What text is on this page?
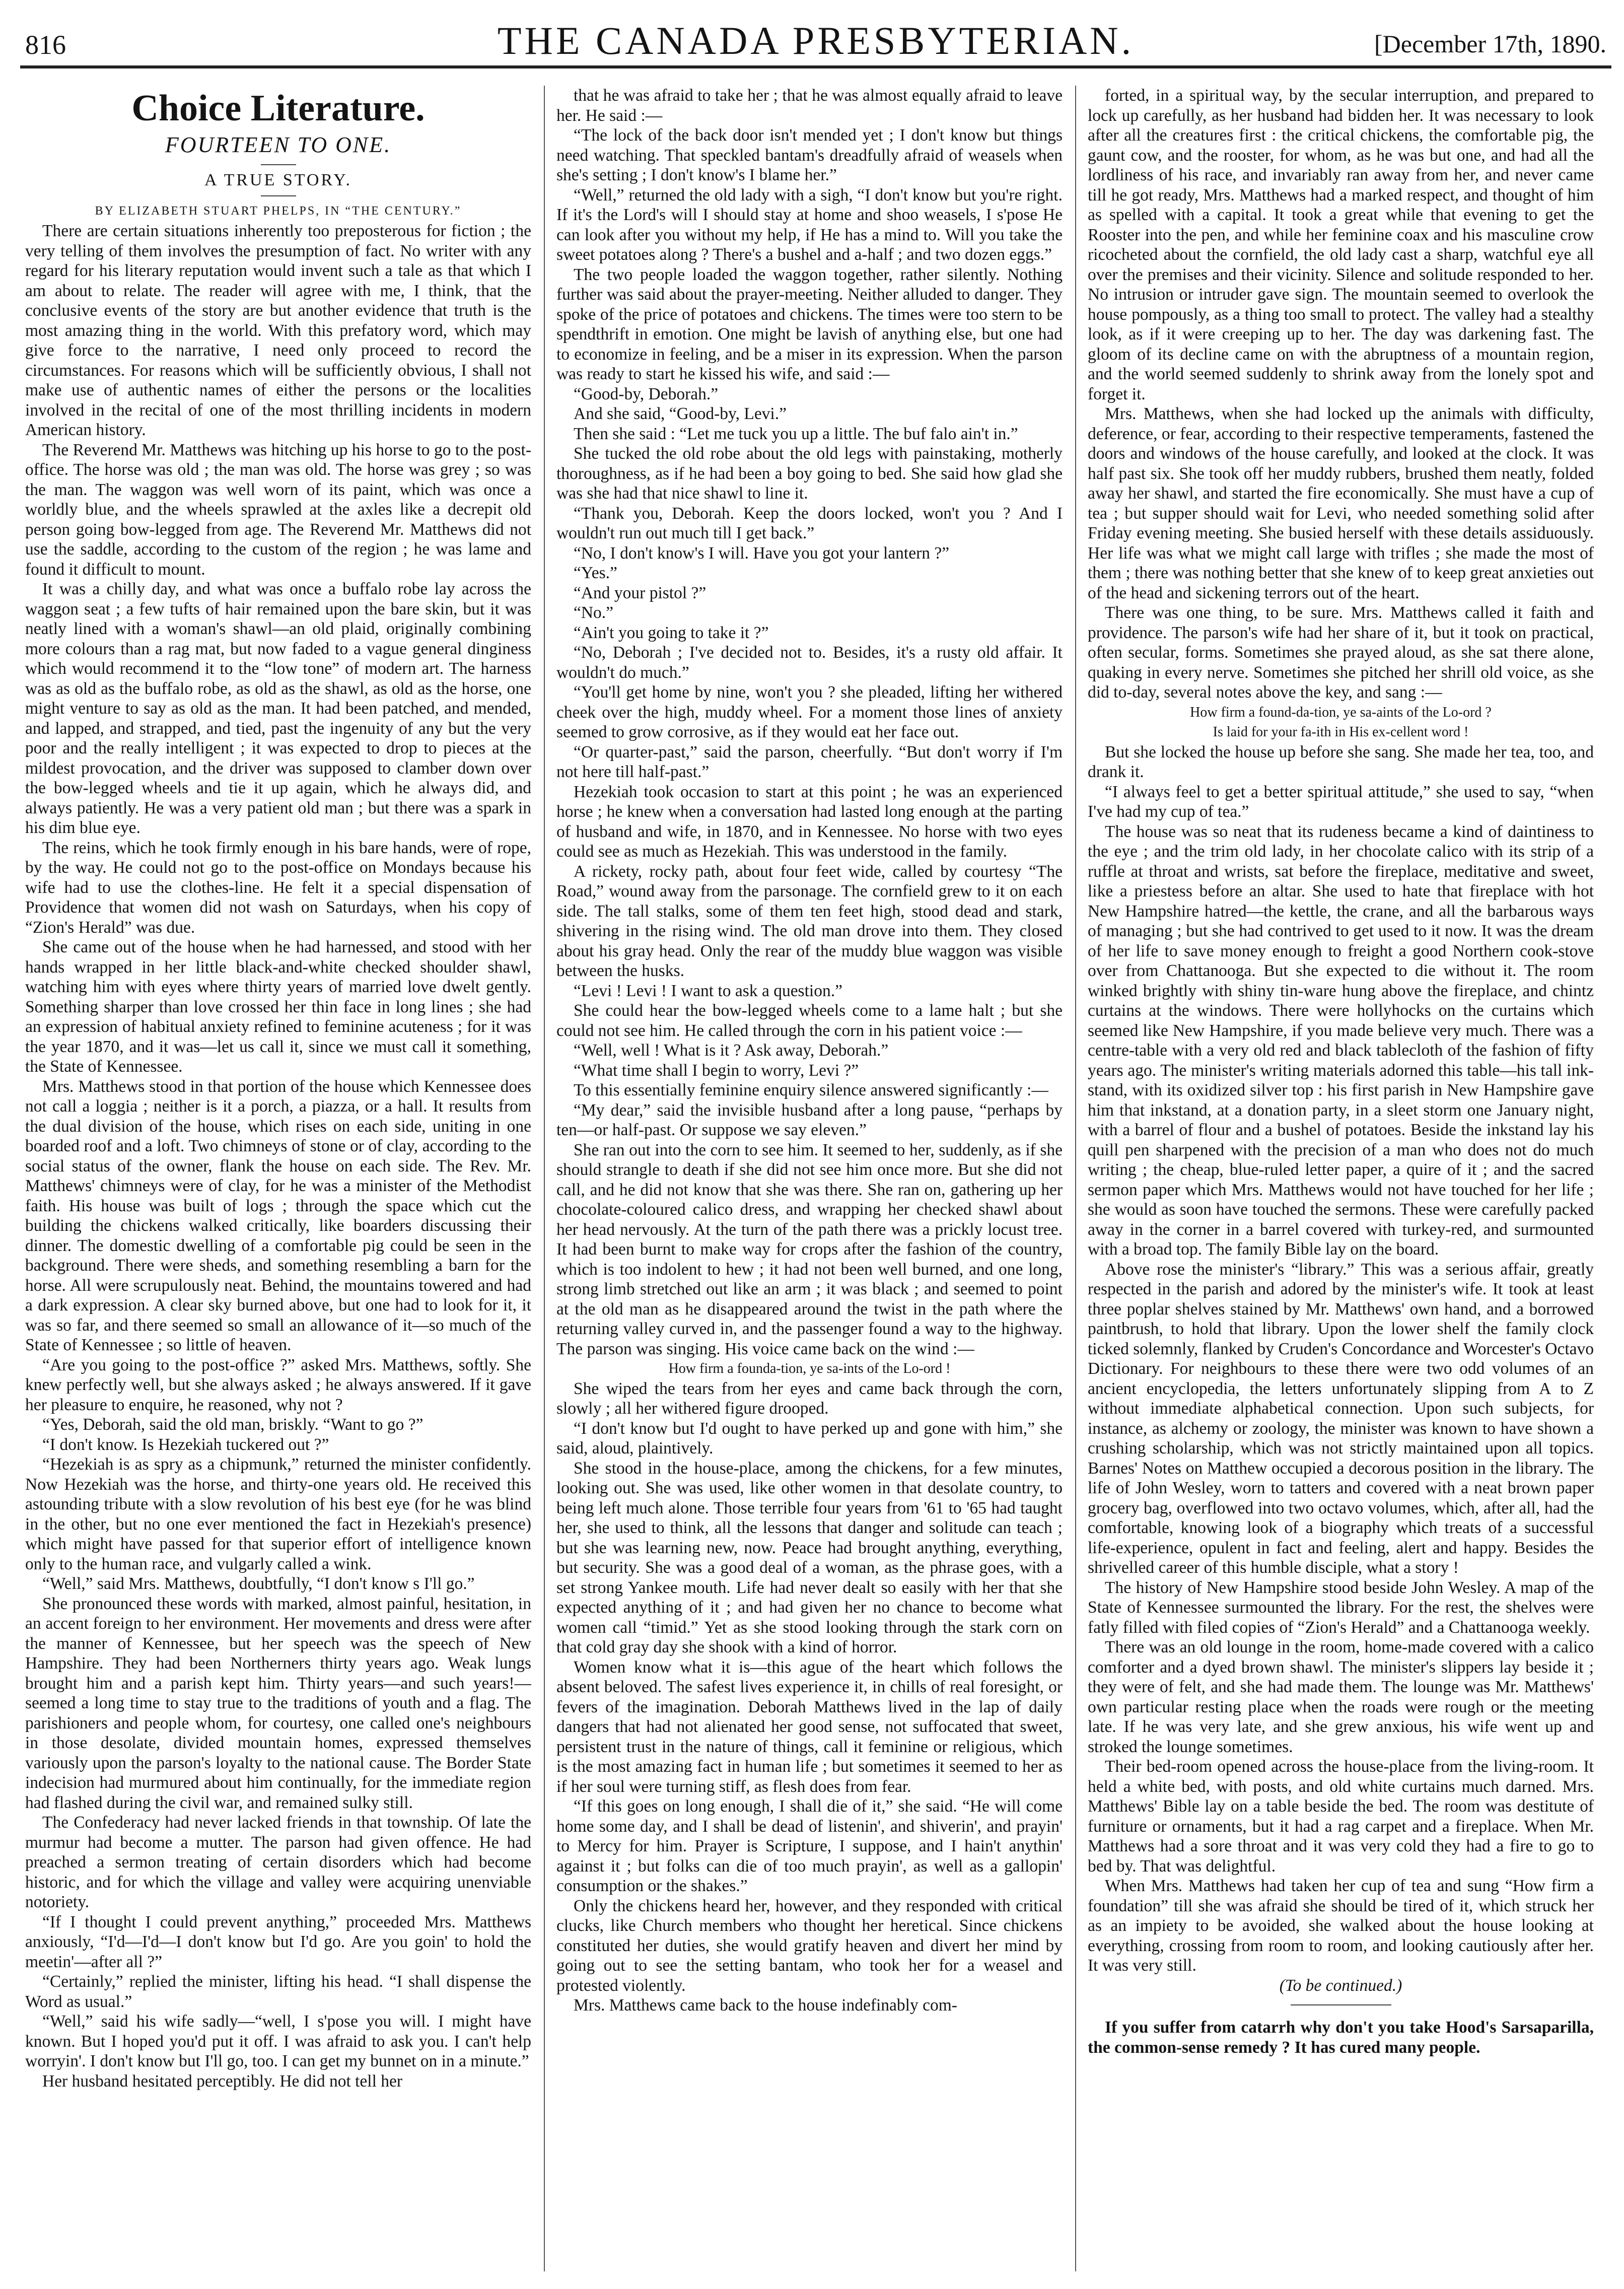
816	THE CANADA PRESBYTERIAN.	[December 17th, 1890.

Choice Literature.

FOURTEEN TO ONE.

A TRUE STORY.

BY ELIZABETH STUART PHELPS, IN “THE CENTURY.”

There are certain situations inherently too preposterous for fiction ; the very telling of them involves the presumption of fact. No writer with any regard for his literary reputation would invent such a tale as that which I am about to relate. The reader will agree with me, I think, that the conclusive events of the story are but another evidence that truth is the most amazing thing in the world. With this prefatory word, which may give force to the narrative, I need only proceed to record the circumstances. For reasons which will be sufficiently obvious, I shall not make use of authentic names of either the persons or the localities involved in the recital of one of the most thrilling incidents in modern American history.

The Reverend Mr. Matthews was hitching up his horse to go to the post-office. The horse was old ; the man was old. The horse was grey ; so was the man. The waggon was well worn of its paint, which was once a worldly blue, and the wheels sprawled at the axles like a decrepit old person going bow-legged from age. The Reverend Mr. Matthews did not use the saddle, according to the custom of the region ; he was lame and found it difficult to mount.

It was a chilly day, and what was once a buffalo robe lay across the waggon seat ; a few tufts of hair remained upon the bare skin, but it was neatly lined with a woman's shawl—an old plaid, originally combining more colours than a rag mat, but now faded to a vague general dinginess which would recommend it to the “low tone” of modern art. The harness was as old as the buffalo robe, as old as the shawl, as old as the horse, one might venture to say as old as the man. It had been patched, and mended, and lapped, and strapped, and tied, past the ingenuity of any but the very poor and the really intelligent ; it was expected to drop to pieces at the mildest provocation, and the driver was supposed to clamber down over the bow-legged wheels and tie it up again, which he always did, and always patiently. He was a very patient old man ; but there was a spark in his dim blue eye.

The reins, which he took firmly enough in his bare hands, were of rope, by the way. He could not go to the post-office on Mondays because his wife had to use the clothes-line. He felt it a special dispensation of Providence that women did not wash on Saturdays, when his copy of “Zion's Herald” was due.

She came out of the house when he had harnessed, and stood with her hands wrapped in her little black-and-white checked shoulder shawl, watching him with eyes where thirty years of married love dwelt gently. Something sharper than love crossed her thin face in long lines ; she had an expression of habitual anxiety refined to feminine acuteness ; for it was the year 1870, and it was—let us call it, since we must call it something, the State of Kennessee.

Mrs. Matthews stood in that portion of the house which Kennessee does not call a loggia ; neither is it a porch, a piazza, or a hall. It results from the dual division of the house, which rises on each side, uniting in one boarded roof and a loft. Two chimneys of stone or of clay, according to the social status of the owner, flank the house on each side. The Rev. Mr. Matthews' chimneys were of clay, for he was a minister of the Methodist faith. His house was built of logs ; through the space which cut the building the chickens walked critically, like boarders discussing their dinner. The domestic dwelling of a comfortable pig could be seen in the background. There were sheds, and something resembling a barn for the horse. All were scrupulously neat. Behind, the mountains towered and had a dark expression. A clear sky burned above, but one had to look for it, it was so far, and there seemed so small an allowance of it—so much of the State of Kennessee ; so little of heaven.

“Are you going to the post-office ?” asked Mrs. Matthews, softly. She knew perfectly well, but she always asked ; he always answered. If it gave her pleasure to enquire, he reasoned, why not ?

“Yes, Deborah, said the old man, briskly. “Want to go ?”

“I don't know. Is Hezekiah tuckered out ?”

“Hezekiah is as spry as a chipmunk,” returned the minister confidently. Now Hezekiah was the horse, and thirty-one years old. He received this astounding tribute with a slow revolution of his best eye (for he was blind in the other, but no one ever mentioned the fact in Hezekiah's presence) which might have passed for that superior effort of intelligence known only to the human race, and vulgarly called a wink.

“Well,” said Mrs. Matthews, doubtfully, “I don't know s I'll go.”

She pronounced these words with marked, almost painful, hesitation, in an accent foreign to her environment. Her movements and dress were after the manner of Kennessee, but her speech was the speech of New Hampshire. They had been Northerners thirty years ago. Weak lungs brought him and a parish kept him. Thirty years—and such years!—seemed a long time to stay true to the traditions of youth and a flag. The parishioners and people whom, for courtesy, one called one's neighbours in those desolate, divided mountain homes, expressed themselves variously upon the parson's loyalty to the national cause. The Border State indecision had murmured about him continually, for the immediate region had flashed during the civil war, and remained sulky still.

The Confederacy had never lacked friends in that township. Of late the murmur had become a mutter. The parson had given offence. He had preached a sermon treating of certain disorders which had become historic, and for which the village and valley were acquiring unenviable notoriety.

“If I thought I could prevent anything,” proceeded Mrs. Matthews anxiously, “I'd—I'd—I don't know but I'd go. Are you goin' to hold the meetin'—after all ?”

“Certainly,” replied the minister, lifting his head. “I shall dispense the Word as usual.”

“Well,” said his wife sadly—“well, I s'pose you will. I might have known. But I hoped you'd put it off. I was afraid to ask you. I can't help worryin'. I don't know but I'll go, too. I can get my bunnet on in a minute.”

Her husband hesitated perceptibly. He did not tell her

that he was afraid to take her ; that he was almost equally afraid to leave her. He said :—

“The lock of the back door isn't mended yet ; I don't know but things need watching. That speckled bantam's dreadfully afraid of weasels when she's setting ; I don't know's I blame her.”

“Well,” returned the old lady with a sigh, “I don't know but you're right. If it's the Lord's will I should stay at home and shoo weasels, I s'pose He can look after you without my help, if He has a mind to. Will you take the sweet potatoes along ? There's a bushel and a-half ; and two dozen eggs.”

The two people loaded the waggon together, rather silently. Nothing further was said about the prayer-meeting. Neither alluded to danger. They spoke of the price of potatoes and chickens. The times were too stern to be spendthrift in emotion. One might be lavish of anything else, but one had to economize in feeling, and be a miser in its expression. When the parson was ready to start he kissed his wife, and said :—

“Good-by, Deborah.”

And she said, “Good-by, Levi.”

Then she said : “Let me tuck you up a little. The buf falo ain't in.”

She tucked the old robe about the old legs with painstaking, motherly thoroughness, as if he had been a boy going to bed. She said how glad she was she had that nice shawl to line it.

“Thank you, Deborah. Keep the doors locked, won't you ? And I wouldn't run out much till I get back.”

“No, I don't know's I will. Have you got your lantern ?”

“Yes.”

“And your pistol ?”

“No.”

“Ain't you going to take it ?”

“No, Deborah ; I've decided not to. Besides, it's a rusty old affair. It wouldn't do much.”

“You'll get home by nine, won't you ? she pleaded, lifting her withered cheek over the high, muddy wheel. For a moment those lines of anxiety seemed to grow corrosive, as if they would eat her face out.

“Or quarter-past,” said the parson, cheerfully. “But don't worry if I'm not here till half-past.”

Hezekiah took occasion to start at this point ; he was an experienced horse ; he knew when a conversation had lasted long enough at the parting of husband and wife, in 1870, and in Kennessee. No horse with two eyes could see as much as Hezekiah. This was understood in the family.

A rickety, rocky path, about four feet wide, called by courtesy “The Road,” wound away from the parsonage. The cornfield grew to it on each side. The tall stalks, some of them ten feet high, stood dead and stark, shivering in the rising wind. The old man drove into them. They closed about his gray head. Only the rear of the muddy blue waggon was visible between the husks.

“Levi ! Levi ! I want to ask a question.”

She could hear the bow-legged wheels come to a lame halt ; but she could not see him. He called through the corn in his patient voice :—

“Well, well ! What is it ? Ask away, Deborah.”

“What time shall I begin to worry, Levi ?”

To this essentially feminine enquiry silence answered significantly :—

“My dear,” said the invisible husband after a long pause, “perhaps by ten—or half-past. Or suppose we say eleven.”

She ran out into the corn to see him. It seemed to her, suddenly, as if she should strangle to death if she did not see him once more. But she did not call, and he did not know that she was there. She ran on, gathering up her chocolate-coloured calico dress, and wrapping her checked shawl about her head nervously. At the turn of the path there was a prickly locust tree. It had been burnt to make way for crops after the fashion of the country, which is too indolent to hew ; it had not been well burned, and one long, strong limb stretched out like an arm ; it was black ; and seemed to point at the old man as he disappeared around the twist in the path where the returning valley curved in, and the passenger found a way to the highway. The parson was singing. His voice came back on the wind :—

How firm a founda-tion, ye sa-ints of the Lo-ord !

She wiped the tears from her eyes and came back through the corn, slowly ; all her withered figure drooped.

“I don't know but I'd ought to have perked up and gone with him,” she said, aloud, plaintively.

She stood in the house-place, among the chickens, for a few minutes, looking out. She was used, like other women in that desolate country, to being left much alone. Those terrible four years from '61 to '65 had taught her, she used to think, all the lessons that danger and solitude can teach ; but she was learning new, now. Peace had brought anything, everything, but security. She was a good deal of a woman, as the phrase goes, with a set strong Yankee mouth. Life had never dealt so easily with her that she expected anything of it ; and had given her no chance to become what women call “timid.” Yet as she stood looking through the stark corn on that cold gray day she shook with a kind of horror.

Women know what it is—this ague of the heart which follows the absent beloved. The safest lives experience it, in chills of real foresight, or fevers of the imagination. Deborah Matthews lived in the lap of daily dangers that had not alienated her good sense, not suffocated that sweet, persistent trust in the nature of things, call it feminine or religious, which is the most amazing fact in human life ; but sometimes it seemed to her as if her soul were turning stiff, as flesh does from fear.

“If this goes on long enough, I shall die of it,” she said. “He will come home some day, and I shall be dead of listenin', and shiverin', and prayin' to Mercy for him. Prayer is Scripture, I suppose, and I hain't anythin' against it ; but folks can die of too much prayin', as well as a gallopin' consumption or the shakes.”

Only the chickens heard her, however, and they responded with critical clucks, like Church members who thought her heretical. Since chickens constituted her duties, she would gratify heaven and divert her mind by going out to see the setting bantam, who took her for a weasel and protested violently.

Mrs. Matthews came back to the house indefinably com-

forted, in a spiritual way, by the secular interruption, and prepared to lock up carefully, as her husband had bidden her. It was necessary to look after all the creatures first : the critical chickens, the comfortable pig, the gaunt cow, and the rooster, for whom, as he was but one, and had all the lordliness of his race, and invariably ran away from her, and never came till he got ready, Mrs. Matthews had a marked respect, and thought of him as spelled with a capital. It took a great while that evening to get the Rooster into the pen, and while her feminine coax and his masculine crow ricocheted about the cornfield, the old lady cast a sharp, watchful eye all over the premises and their vicinity. Silence and solitude responded to her. No intrusion or intruder gave sign. The mountain seemed to overlook the house pompously, as a thing too small to protect. The valley had a stealthy look, as if it were creeping up to her. The day was darkening fast. The gloom of its decline came on with the abruptness of a mountain region, and the world seemed suddenly to shrink away from the lonely spot and forget it.

Mrs. Matthews, when she had locked up the animals with difficulty, deference, or fear, according to their respective temperaments, fastened the doors and windows of the house carefully, and looked at the clock. It was half past six. She took off her muddy rubbers, brushed them neatly, folded away her shawl, and started the fire economically. She must have a cup of tea ; but supper should wait for Levi, who needed something solid after Friday evening meeting. She busied herself with these details assiduously. Her life was what we might call large with trifles ; she made the most of them ; there was nothing better that she knew of to keep great anxieties out of the head and sickening terrors out of the heart.

There was one thing, to be sure. Mrs. Matthews called it faith and providence. The parson's wife had her share of it, but it took on practical, often secular, forms. Sometimes she prayed aloud, as she sat there alone, quaking in every nerve. Sometimes she pitched her shrill old voice, as she did to-day, several notes above the key, and sang :—

How firm a found-da-tion, ye sa-aints of the Lo-ord ?
Is laid for your fa-ith in His ex-cellent word !

But she locked the house up before she sang. She made her tea, too, and drank it.

“I always feel to get a better spiritual attitude,” she used to say, “when I've had my cup of tea.”

The house was so neat that its rudeness became a kind of daintiness to the eye ; and the trim old lady, in her chocolate calico with its strip of a ruffle at throat and wrists, sat before the fireplace, meditative and sweet, like a priestess before an altar. She used to hate that fireplace with hot New Hampshire hatred—the kettle, the crane, and all the barbarous ways of managing ; but she had contrived to get used to it now. It was the dream of her life to save money enough to freight a good Northern cook-stove over from Chattanooga. But she expected to die without it. The room winked brightly with shiny tin-ware hung above the fireplace, and chintz curtains at the windows. There were hollyhocks on the curtains which seemed like New Hampshire, if you made believe very much. There was a centre-table with a very old red and black tablecloth of the fashion of fifty years ago. The minister's writing materials adorned this table—his tall ink-stand, with its oxidized silver top : his first parish in New Hampshire gave him that inkstand, at a donation party, in a sleet storm one January night, with a barrel of flour and a bushel of potatoes. Beside the inkstand lay his quill pen sharpened with the precision of a man who does not do much writing ; the cheap, blue-ruled letter paper, a quire of it ; and the sacred sermon paper which Mrs. Matthews would not have touched for her life ; she would as soon have touched the sermons. These were carefully packed away in the corner in a barrel covered with turkey-red, and surmounted with a broad top. The family Bible lay on the board.

Above rose the minister's “library.” This was a serious affair, greatly respected in the parish and adored by the minister's wife. It took at least three poplar shelves stained by Mr. Matthews' own hand, and a borrowed paintbrush, to hold that library. Upon the lower shelf the family clock ticked solemnly, flanked by Cruden's Concordance and Worcester's Octavo Dictionary. For neighbours to these there were two odd volumes of an ancient encyclopedia, the letters unfortunately slipping from A to Z without immediate alphabetical connection. Upon such subjects, for instance, as alchemy or zoology, the minister was known to have shown a crushing scholarship, which was not strictly maintained upon all topics. Barnes' Notes on Matthew occupied a decorous position in the library. The life of John Wesley, worn to tatters and covered with a neat brown paper grocery bag, overflowed into two octavo volumes, which, after all, had the comfortable, knowing look of a biography which treats of a successful life-experience, opulent in fact and feeling, alert and happy. Besides the shrivelled career of this humble disciple, what a story !

The history of New Hampshire stood beside John Wesley. A map of the State of Kennessee surmounted the library. For the rest, the shelves were fatly filled with filed copies of “Zion's Herald” and a Chattanooga weekly.

There was an old lounge in the room, home-made covered with a calico comforter and a dyed brown shawl. The minister's slippers lay beside it ; they were of felt, and she had made them. The lounge was Mr. Matthews' own particular resting place when the roads were rough or the meeting late. If he was very late, and she grew anxious, his wife went up and stroked the lounge sometimes.

Their bed-room opened across the house-place from the living-room. It held a white bed, with posts, and old white curtains much darned. Mrs. Matthews' Bible lay on a table beside the bed. The room was destitute of furniture or ornaments, but it had a rag carpet and a fireplace. When Mr. Matthews had a sore throat and it was very cold they had a fire to go to bed by. That was delightful.

When Mrs. Matthews had taken her cup of tea and sung “How firm a foundation” till she was afraid she should be tired of it, which struck her as an impiety to be avoided, she walked about the house looking at everything, crossing from room to room, and looking cautiously after her. It was very still.

(To be continued.)

If you suffer from catarrh why don't you take Hood's Sarsaparilla, the common-sense remedy ? It has cured many people.
